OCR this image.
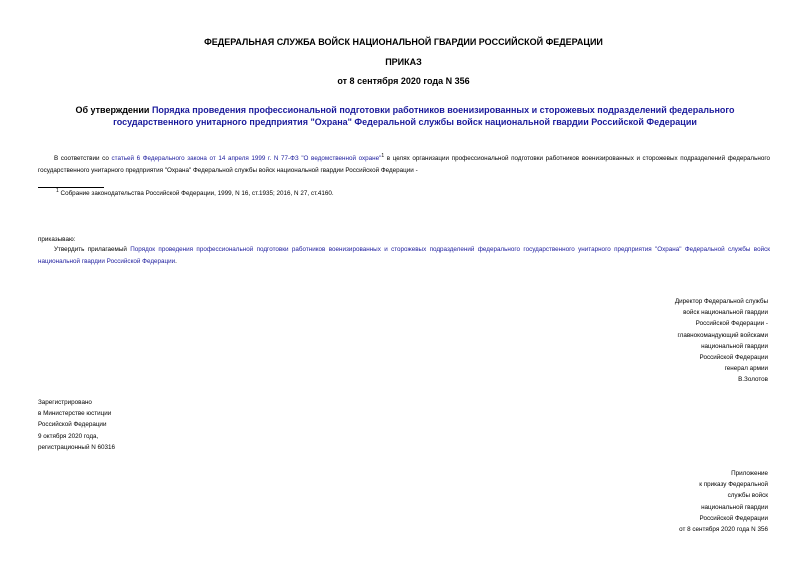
ФЕДЕРАЛЬНАЯ СЛУЖБА ВОЙСК НАЦИОНАЛЬНОЙ ГВАРДИИ РОССИЙСКОЙ ФЕДЕРАЦИИ
ПРИКАЗ
от 8 сентября 2020 года N 356
Об утверждении Порядка проведения профессиональной подготовки работников военизированных и сторожевых подразделений федерального государственного унитарного предприятия "Охрана" Федеральной службы войск национальной гвардии Российской Федерации
В соответствии со статьей 6 Федерального закона от 14 апреля 1999 г. N 77-ФЗ "О ведомственной охране"$^1$ в целях организации профессиональной подготовки работников военизированных и сторожевых подразделений федерального государственного унитарного предприятия "Охрана" Федеральной службы войск национальной гвардии Российской Федерации -
$^1$ Собрание законодательства Российской Федерации, 1999, N 16, ст.1935; 2016, N 27, ст.4160.
приказываю:
Утвердить прилагаемый Порядок проведения профессиональной подготовки работников военизированных и сторожевых подразделений федерального государственного унитарного предприятия "Охрана" Федеральной службы войск национальной гвардии Российской Федерации.
Директор Федеральной службы
войск национальной гвардии
Российской Федерации -
главнокомандующий войсками
национальной гвардии
Российской Федерации
генерал армии
В.Золотов
Зарегистрировано
в Министерстве юстиции
Российской Федерации
9 октября 2020 года,
регистрационный N 60316
Приложение
к приказу Федеральной
службы войск
национальной гвардии
Российской Федерации
от 8 сентября 2020 года N 356
